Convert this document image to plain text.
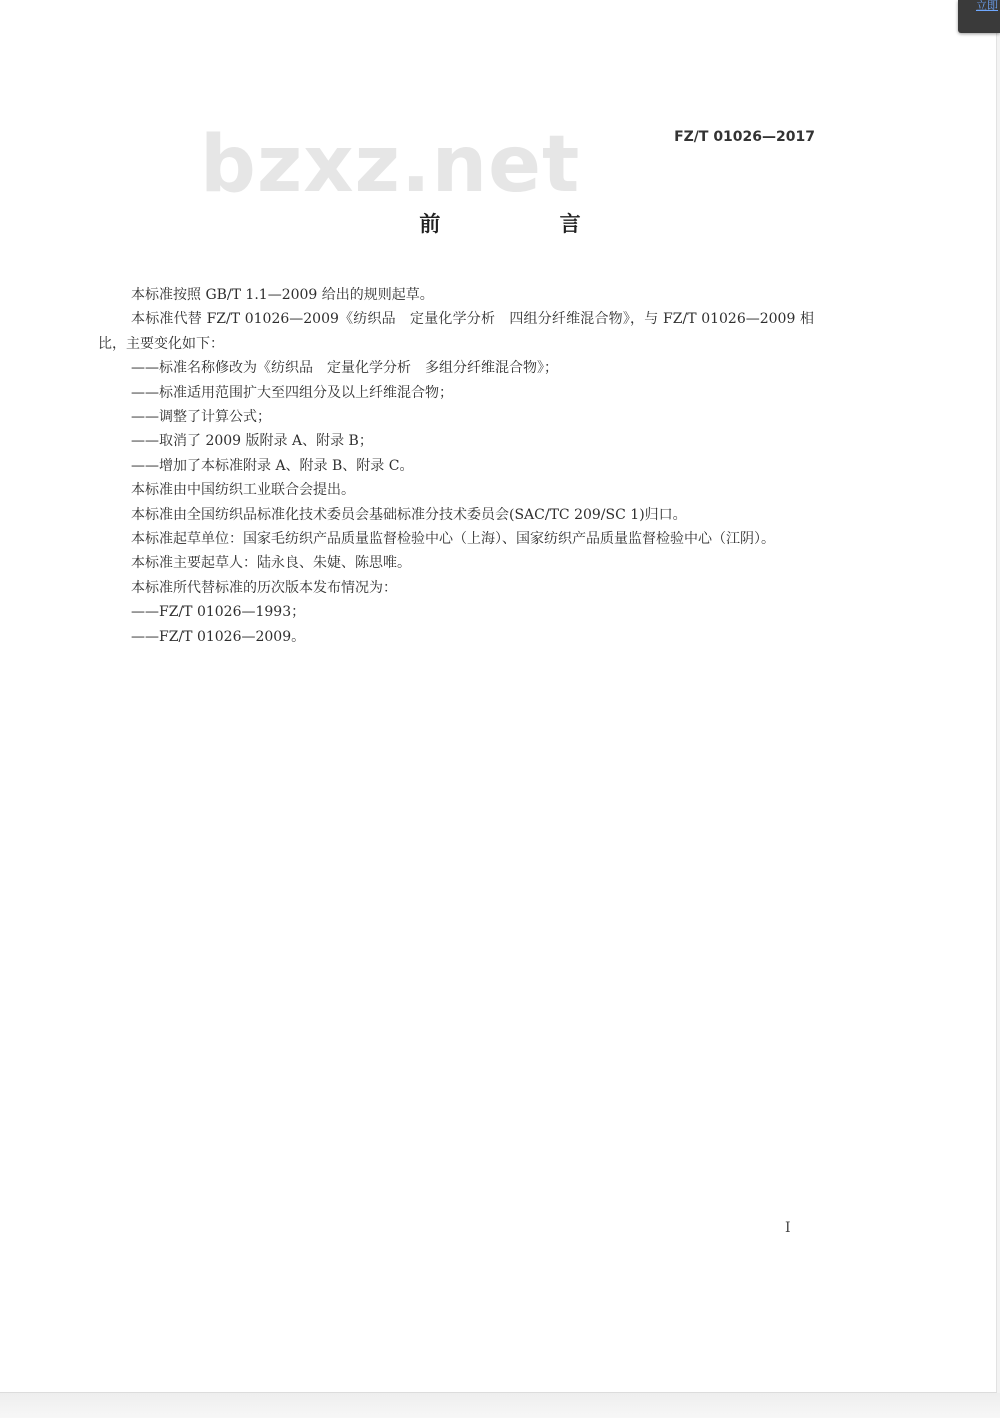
bzxz.net	FZ/T 01026—2017
前 言

本标准按照 GB/T 1.1—2009 给出的规则起草。

本标准代替 FZ/T 01026—2009《纺织品　定量化学分析　四组分纤维混合物》，与 FZ/T 01026—2009 相比，主要变化如下：

——标准名称修改为《纺织品　定量化学分析　多组分纤维混合物》；

——标准适用范围扩大至四组分及以上纤维混合物；

——调整了计算公式；

——取消了 2009 版附录 A、附录 B；

——增加了本标准附录 A、附录 B、附录 C。

本标准由中国纺织工业联合会提出。

本标准由全国纺织品标准化技术委员会基础标准分技术委员会(SAC/TC 209/SC 1)归口。

本标准起草单位：国家毛纺织产品质量监督检验中心（上海）、国家纺织产品质量监督检验中心（江阴）。

本标准主要起草人：陆永良、朱婕、陈思唯。

本标准所代替标准的历次版本发布情况为：

——FZ/T 01026—1993；

——FZ/T 01026—2009。

I
立即
